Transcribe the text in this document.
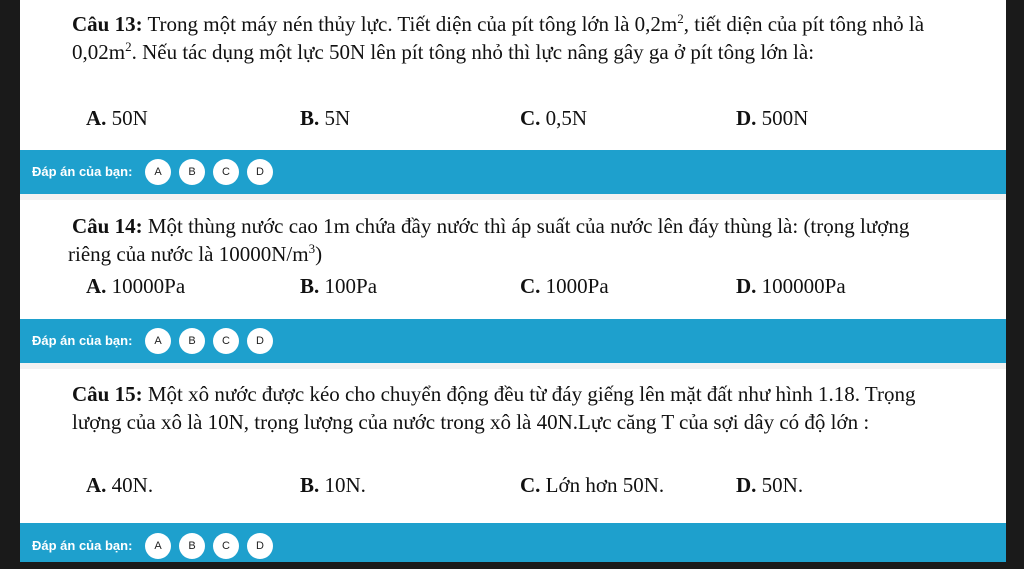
Câu 13: Trong một máy nén thủy lực. Tiết diện của pít tông lớn là $0,2m^2$, tiết diện của pít tông nhỏ là $0,02m^2$. Nếu tác dụng một lực 50N lên pít tông nhỏ thì lực nâng gây ga ở pít tông lớn là:
A. 50N	B. 5N	C. 0,5N	D. 500N
Đáp án của bạn:	A	B	C	D
Câu 14: Một thùng nước cao 1m chứa đầy nước thì áp suất của nước lên đáy thùng là: (trọng lượng riêng của nước là $10000N/m^3$)
A. 10000Pa	B. 100Pa	C. 1000Pa	D. 100000Pa
Đáp án của bạn:	A	B	C	D
Câu 15: Một xô nước được kéo cho chuyển động đều từ đáy giếng lên mặt đất như hình 1.18. Trọng lượng của xô là 10N, trọng lượng của nước trong xô là 40N.Lực căng T của sợi dây có độ lớn :
A. 40N.	B. 10N.	C. Lớn hơn 50N.	D. 50N.
Đáp án của bạn:	A	B	C	D
